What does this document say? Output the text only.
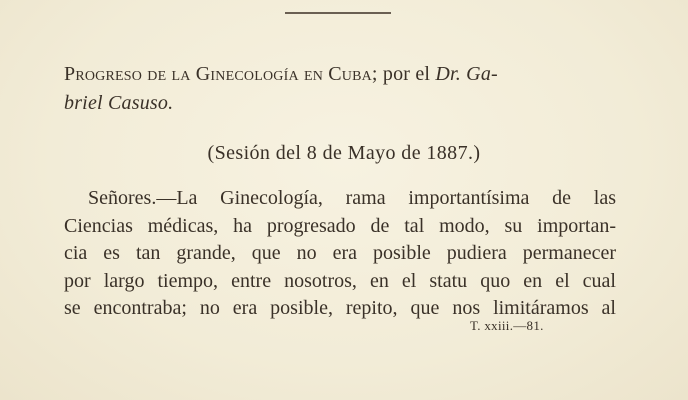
Progreso de la Ginecología en Cuba; por el Dr. Ga-
briel Casuso.
(Sesión del 8 de Mayo de 1887.)
Señores.—La Ginecología, rama importantísima de las
Ciencias médicas, ha progresado de tal modo, su importan-
cia es tan grande, que no era posible pudiera permanecer
por largo tiempo, entre nosotros, en el statu quo en el cual
se encontraba; no era posible, repito, que nos limitáramos al
T. xxiii.—81.
